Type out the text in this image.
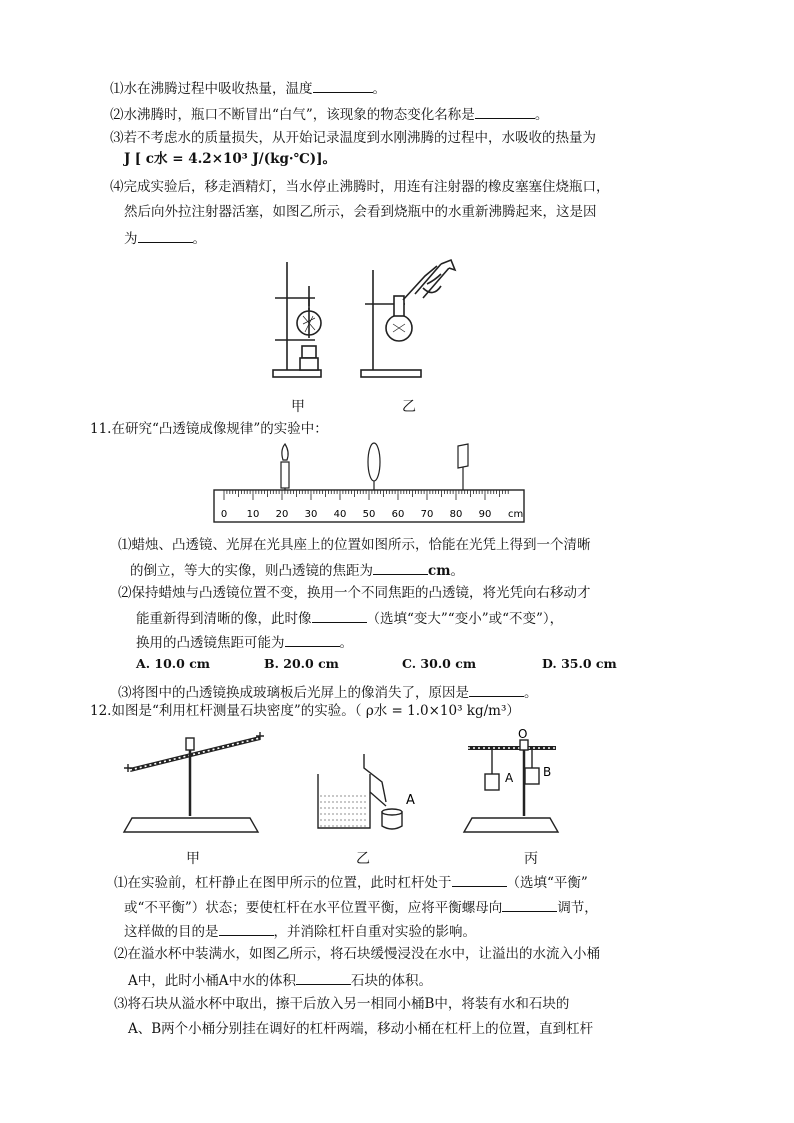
⑴水在沸腾过程中吸收热量，温度	。
⑵水沸腾时，瓶口不断冒出“白气”，该现象的物态变化名称是	。
⑶若不考虑水的质量损失，从开始记录温度到水刚沸腾的过程中，水吸收的热量为
J [ c水 = 4.2×10³ J/(kg·℃)]。
⑷完成实验后，移走酒精灯，当水停止沸腾时，用连有注射器的橡皮塞塞住烧瓶口，
然后向外拉注射器活塞，如图乙所示，会看到烧瓶中的水重新沸腾起来，这是因
为	。
甲	乙
11.在研究“凸透镜成像规律”的实验中：
0 10 20 30 40 50 60 70 80 90 cm
⑴蜡烛、凸透镜、光屏在光具座上的位置如图所示，恰能在光凭上得到一个清晰
的倒立，等大的实像，则凸透镜的焦距为	cm。
⑵保持蜡烛与凸透镜位置不变，换用一个不同焦距的凸透镜，将光凭向右移动才
能重新得到清晰的像，此时像	（选填“变大”“变小”或“不变”），
换用的凸透镜焦距可能为	。
A. 10.0 cm	B. 20.0 cm	C. 30.0 cm	D. 35.0 cm
⑶将图中的凸透镜换成玻璃板后光屏上的像消失了，原因是	。
12.如图是“利用杠杆测量石块密度”的实验。（ ρ水 = 1.0×10³ kg/m³）
A
A B
O
甲	乙	丙
⑴在实验前，杠杆静止在图甲所示的位置，此时杠杆处于	（选填“平衡”
或“不平衡”）状态；要使杠杆在水平位置平衡，应将平衡螺母向	调节，
这样做的目的是	，并消除杠杆自重对实验的影响。
⑵在溢水杯中装满水，如图乙所示，将石块缓慢浸没在水中，让溢出的水流入小桶
A中，此时小桶A中水的体积	石块的体积。
⑶将石块从溢水杯中取出，擦干后放入另一相同小桶B中，将装有水和石块的
A、B两个小桶分别挂在调好的杠杆两端，移动小桶在杠杆上的位置，直到杠杆
